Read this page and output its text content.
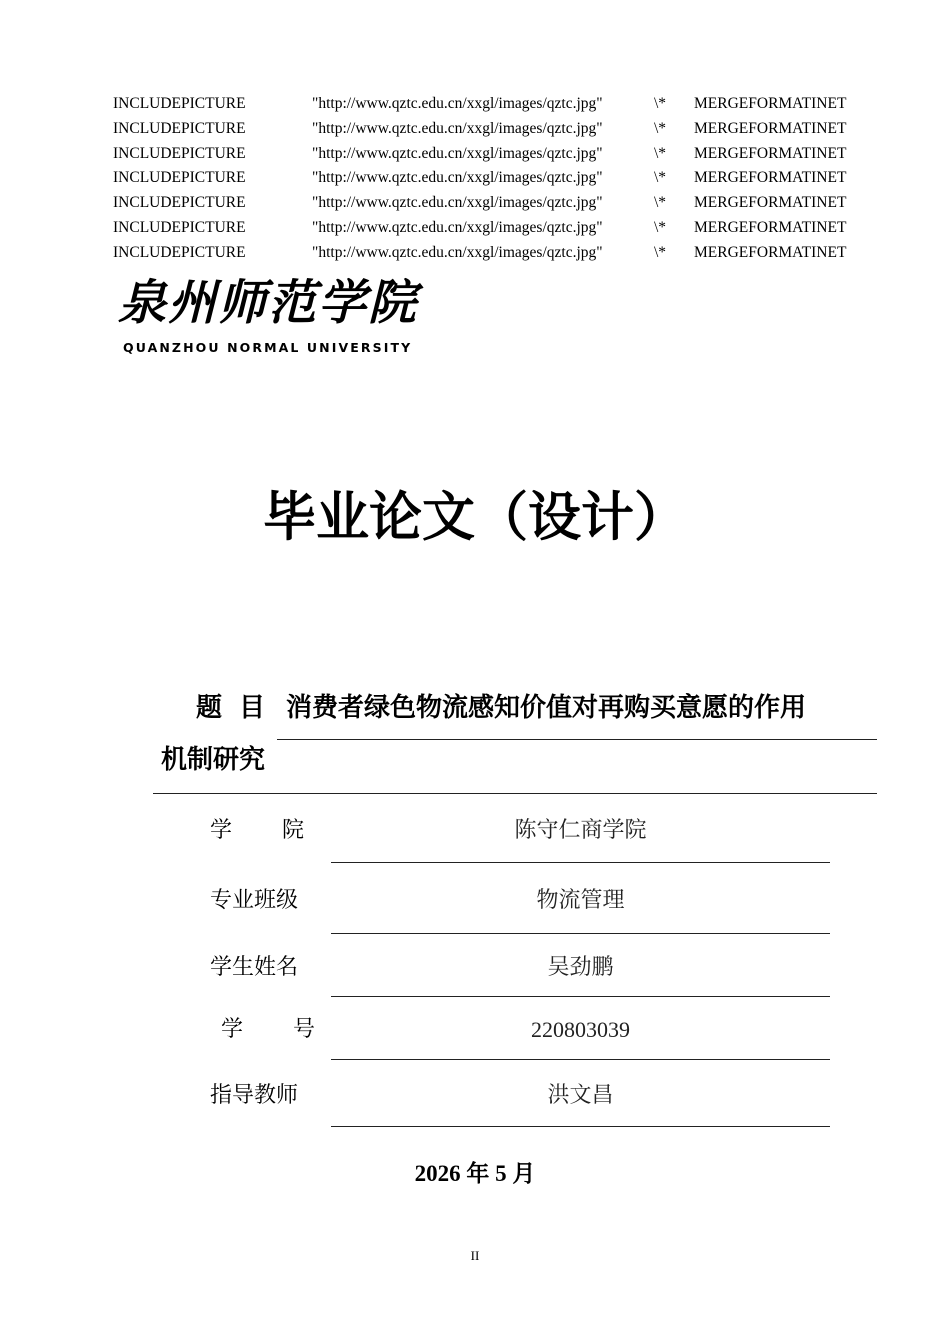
INCLUDEPICTURE	"http://www.qztc.edu.cn/xxgl/images/qztc.jpg"	\* MERGEFORMATINET
INCLUDEPICTURE	"http://www.qztc.edu.cn/xxgl/images/qztc.jpg"	\* MERGEFORMATINET
INCLUDEPICTURE	"http://www.qztc.edu.cn/xxgl/images/qztc.jpg"	\* MERGEFORMATINET
INCLUDEPICTURE	"http://www.qztc.edu.cn/xxgl/images/qztc.jpg"	\* MERGEFORMATINET
INCLUDEPICTURE	"http://www.qztc.edu.cn/xxgl/images/qztc.jpg"	\* MERGEFORMATINET
INCLUDEPICTURE	"http://www.qztc.edu.cn/xxgl/images/qztc.jpg"	\* MERGEFORMATINET
INCLUDEPICTURE	"http://www.qztc.edu.cn/xxgl/images/qztc.jpg"	\* MERGEFORMATINET
泉州师范学院
QUANZHOU NORMAL UNIVERSITY
毕业论文（设计）
题 目 消费者绿色物流感知价值对再购买意愿的作用
机制研究
学 院	陈守仁商学院
专业班级	物流管理
学生姓名	吴劲鹏
学 号	220803039
指导教师	洪文昌
2026 年 5 月
II
